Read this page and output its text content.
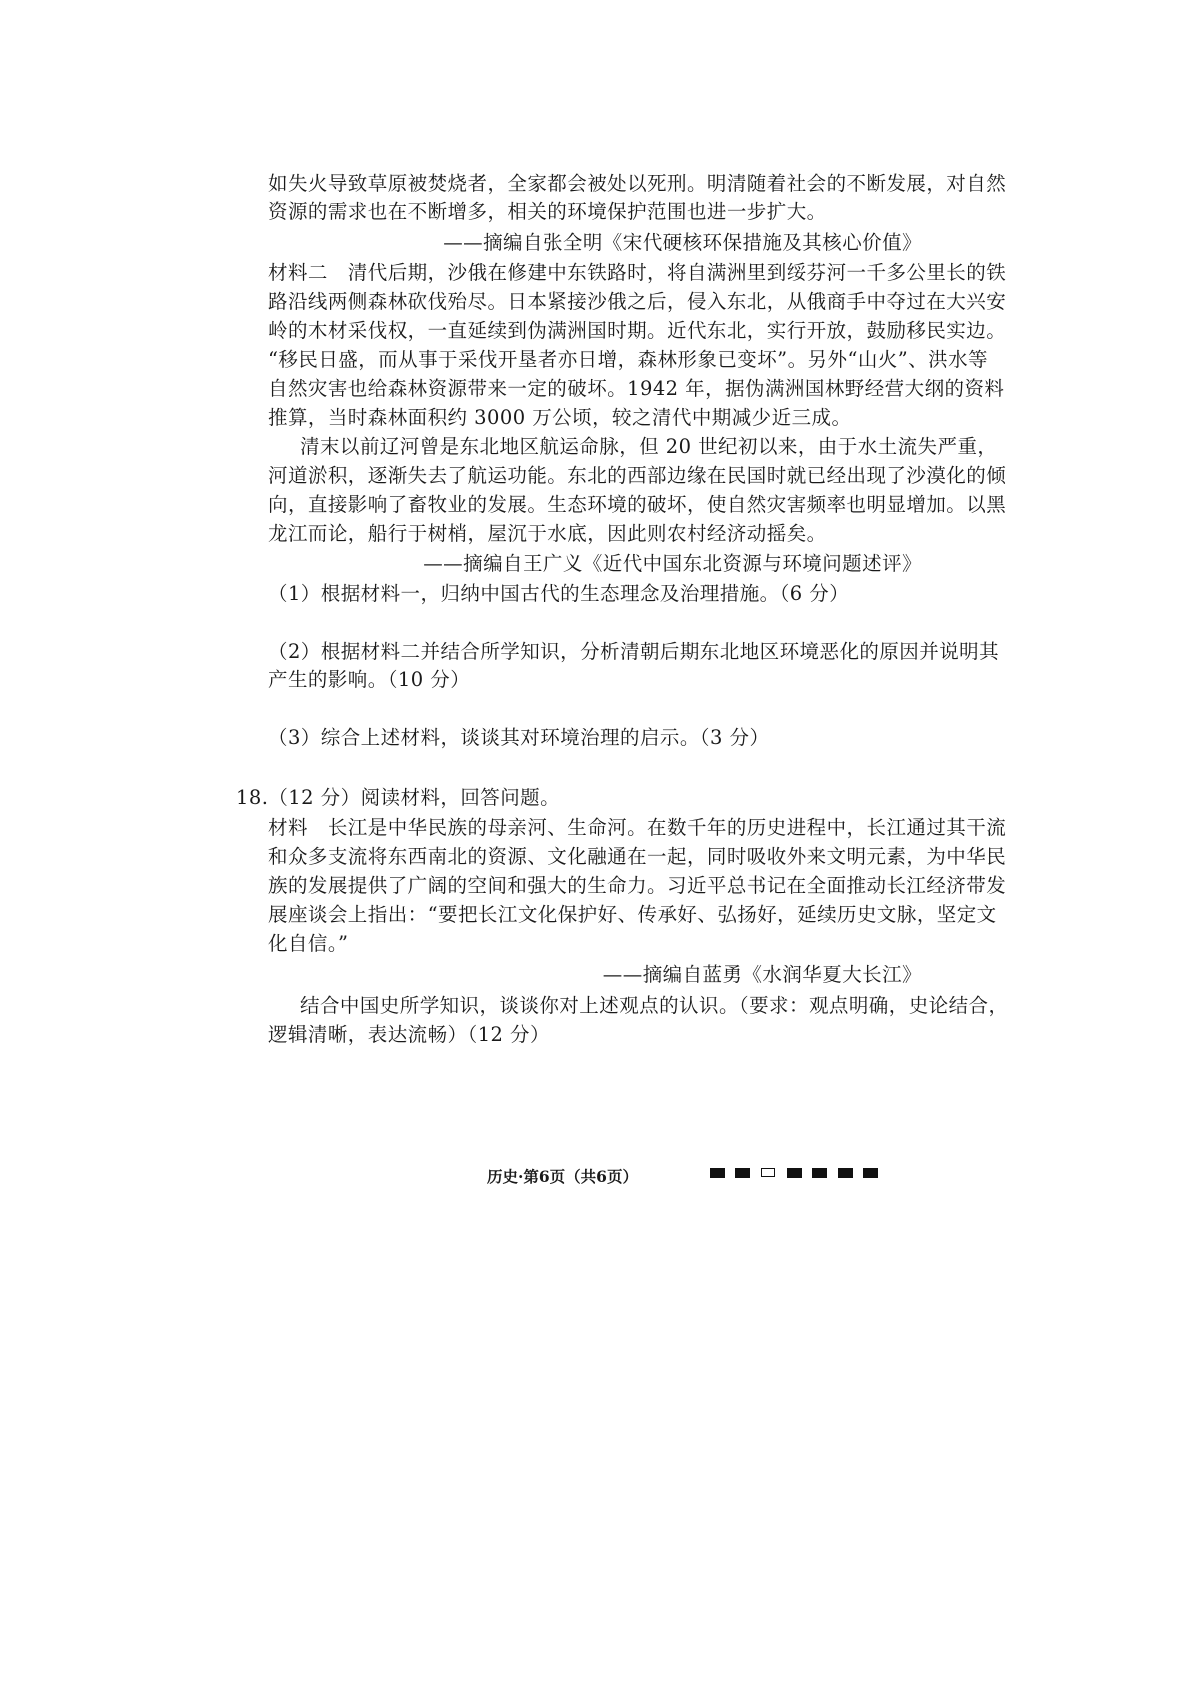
如失火导致草原被焚烧者，全家都会被处以死刑。明清随着社会的不断发展，对自然
资源的需求也在不断增多，相关的环境保护范围也进一步扩大。
——摘编自张全明《宋代硬核环保措施及其核心价值》
材料二　清代后期，沙俄在修建中东铁路时，将自满洲里到绥芬河一千多公里长的铁
路沿线两侧森林砍伐殆尽。日本紧接沙俄之后，侵入东北，从俄商手中夺过在大兴安
岭的木材采伐权，一直延续到伪满洲国时期。近代东北，实行开放，鼓励移民实边。
“移民日盛，而从事于采伐开垦者亦日增，森林形象已变坏”。另外“山火”、洪水等
自然灾害也给森林资源带来一定的破坏。1942 年，据伪满洲国林野经营大纲的资料
推算，当时森林面积约 3000 万公顷，较之清代中期减少近三成。
清末以前辽河曾是东北地区航运命脉，但 20 世纪初以来，由于水土流失严重，
河道淤积，逐渐失去了航运功能。东北的西部边缘在民国时就已经出现了沙漠化的倾
向，直接影响了畜牧业的发展。生态环境的破坏，使自然灾害频率也明显增加。以黑
龙江而论，船行于树梢，屋沉于水底，因此则农村经济动摇矣。
——摘编自王广义《近代中国东北资源与环境问题述评》
（1）根据材料一，归纳中国古代的生态理念及治理措施。（6 分）
（2）根据材料二并结合所学知识，分析清朝后期东北地区环境恶化的原因并说明其
产生的影响。（10 分）
（3）综合上述材料，谈谈其对环境治理的启示。（3 分）
18.（12 分）阅读材料，回答问题。
材料　长江是中华民族的母亲河、生命河。在数千年的历史进程中，长江通过其干流
和众多支流将东西南北的资源、文化融通在一起，同时吸收外来文明元素，为中华民
族的发展提供了广阔的空间和强大的生命力。习近平总书记在全面推动长江经济带发
展座谈会上指出：“要把长江文化保护好、传承好、弘扬好，延续历史文脉，坚定文
化自信。”
——摘编自蓝勇《水润华夏大长江》
结合中国史所学知识，谈谈你对上述观点的认识。（要求：观点明确，史论结合，
逻辑清晰，表达流畅）（12 分）
历史·第6页（共6页）
